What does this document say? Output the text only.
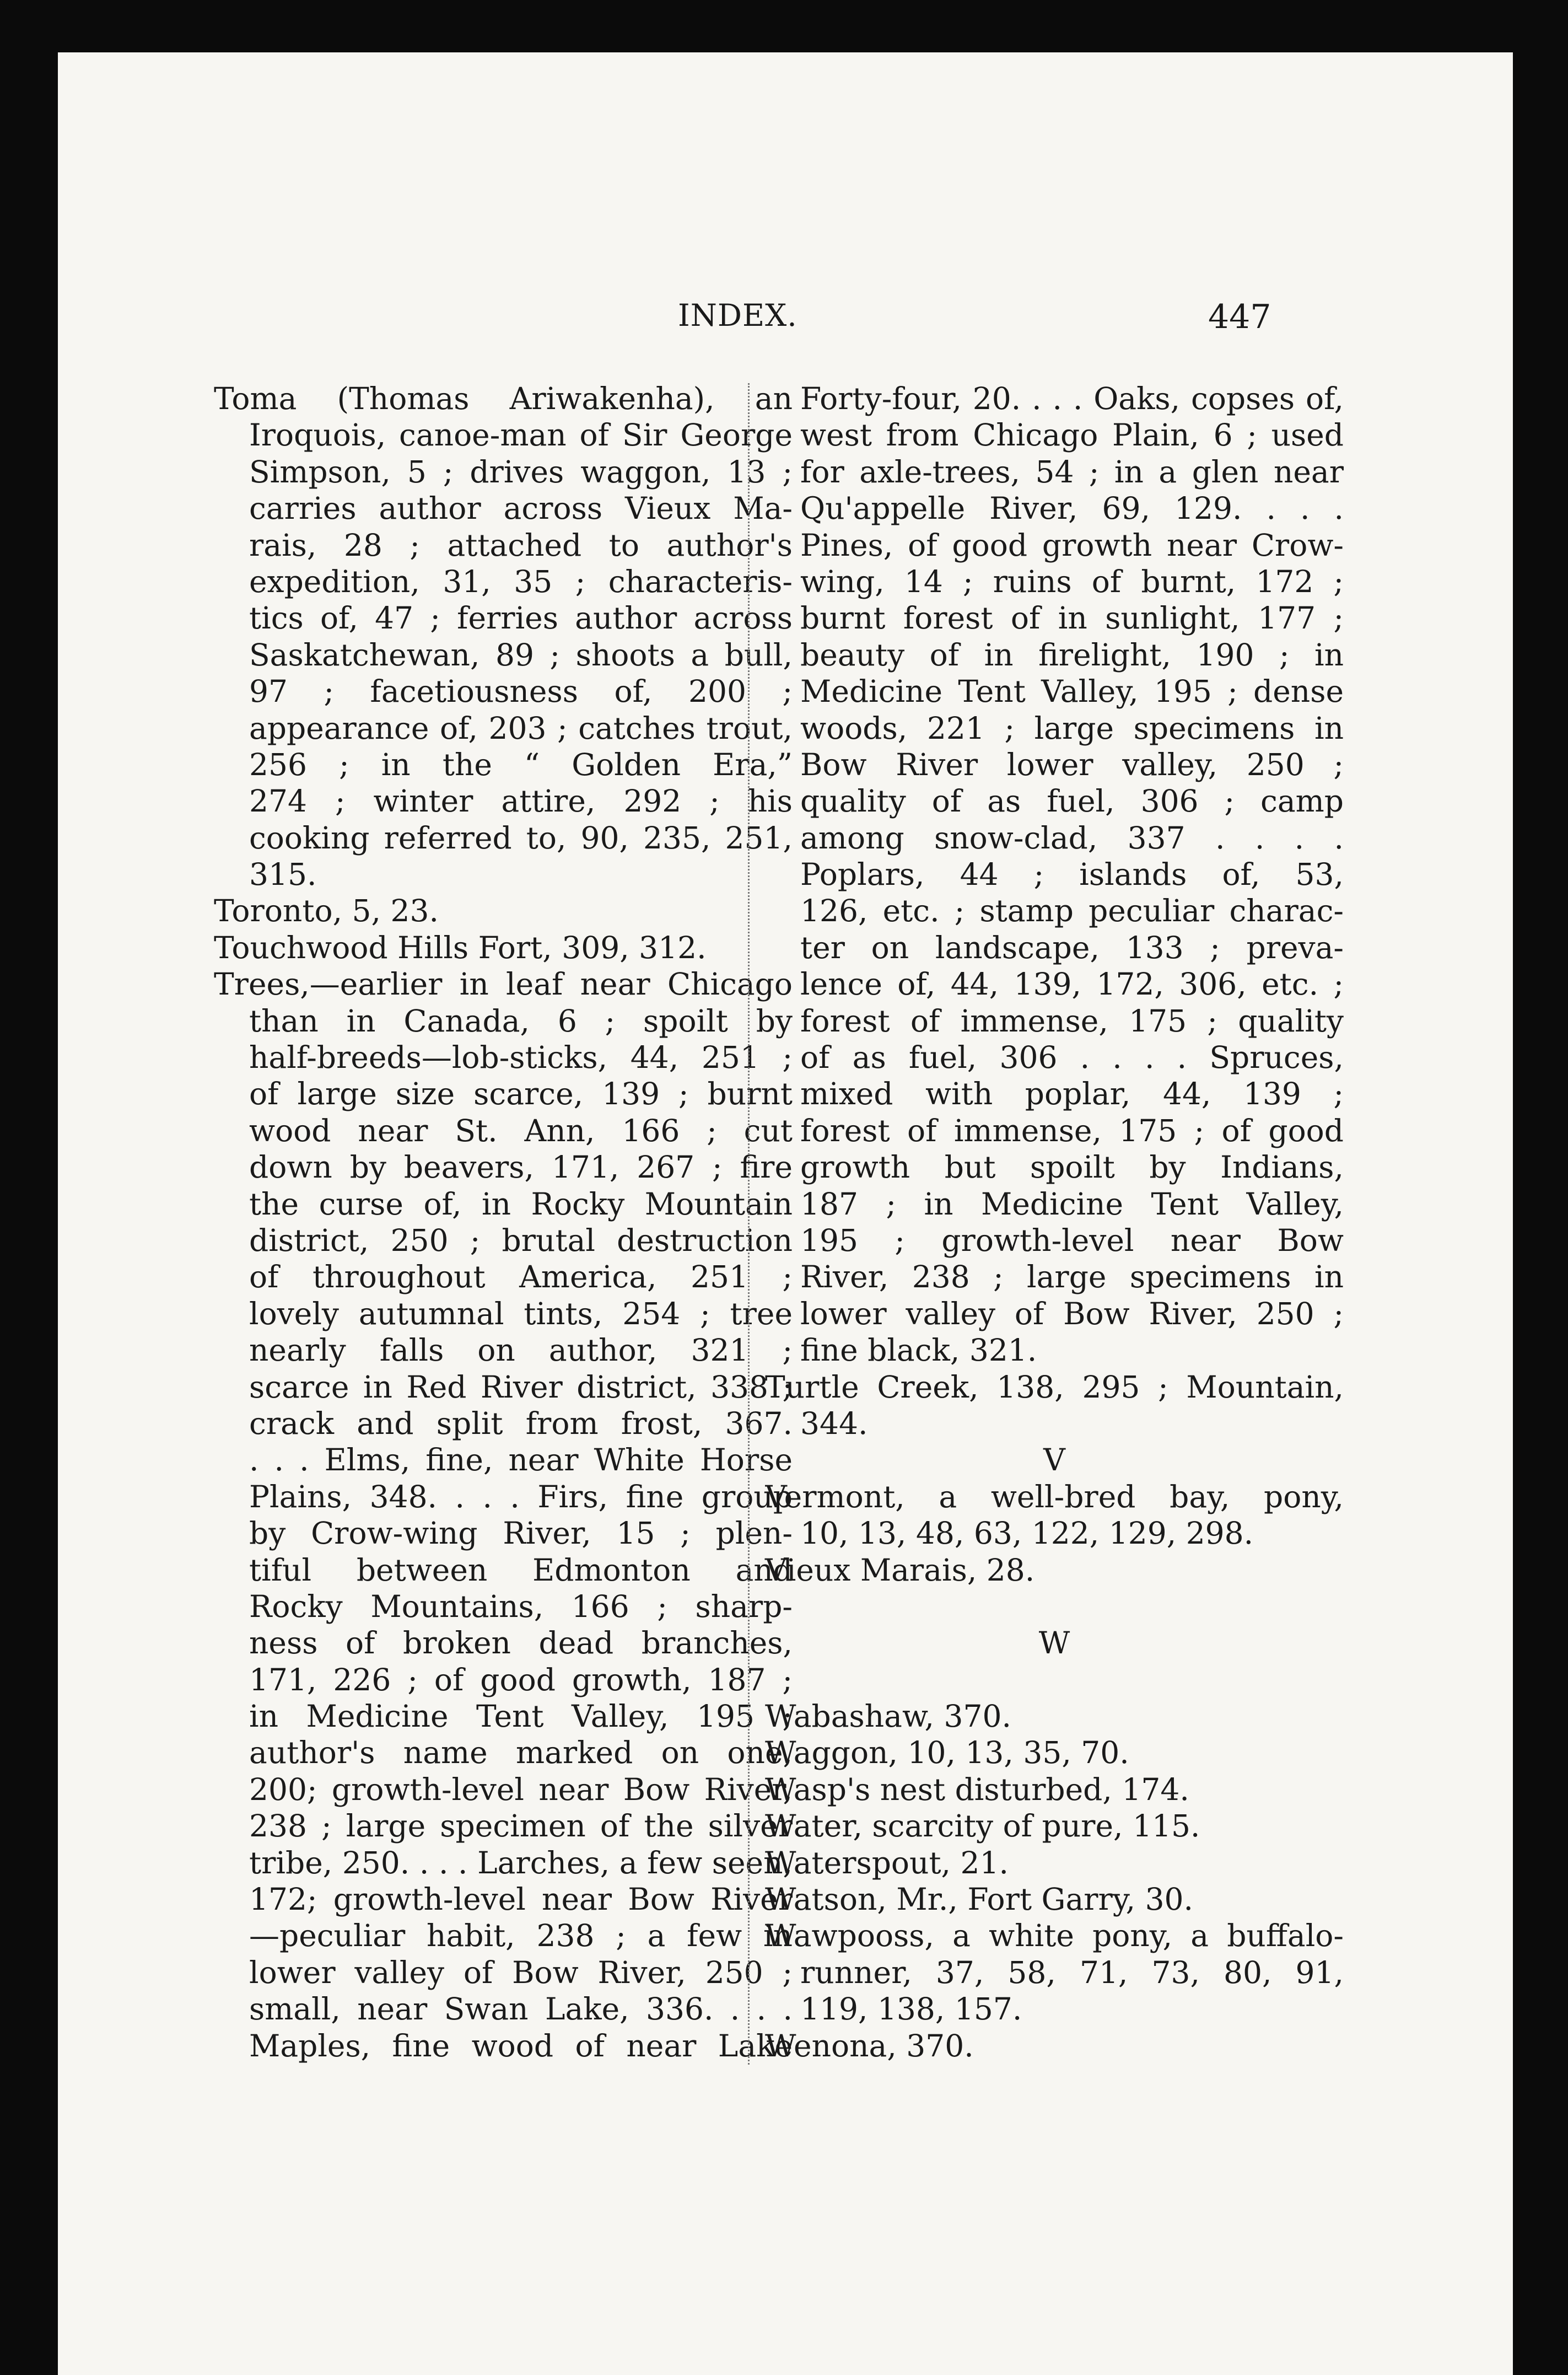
INDEX.	447
Toma (Thomas Ariwakenha), an
Iroquois, canoe-man of Sir George
Simpson, 5 ; drives waggon, 13 ;
carries author across Vieux Ma-
rais, 28 ; attached to author's
expedition, 31, 35 ; characteris-
tics of, 47 ; ferries author across
Saskatchewan, 89 ; shoots a bull,
97 ; facetiousness of, 200 ;
appearance of, 203 ; catches trout,
256 ; in the “ Golden Era,”
274 ; winter attire, 292 ; his
cooking referred to, 90, 235, 251,
315.
Toronto, 5, 23.
Touchwood Hills Fort, 309, 312.
Trees,—earlier in leaf near Chicago
than in Canada, 6 ; spoilt by
half-breeds—lob-sticks, 44, 251 ;
of large size scarce, 139 ; burnt
wood near St. Ann, 166 ; cut
down by beavers, 171, 267 ; fire
the curse of, in Rocky Mountain
district, 250 ; brutal destruction
of throughout America, 251 ;
lovely autumnal tints, 254 ; tree
nearly falls on author, 321 ;
scarce in Red River district, 338 ;
crack and split from frost, 367.
. . . Elms, fine, near White Horse
Plains, 348. . . . Firs, fine group
by Crow-wing River, 15 ; plen-
tiful between Edmonton and
Rocky Mountains, 166 ; sharp-
ness of broken dead branches,
171, 226 ; of good growth, 187 ;
in Medicine Tent Valley, 195 ;
author's name marked on one,
200; growth-level near Bow River,
238 ; large specimen of the silver
tribe, 250. . . . Larches, a few seen,
172; growth-level near Bow River
—peculiar habit, 238 ; a few in
lower valley of Bow River, 250 ;
small, near Swan Lake, 336. . . .
Maples, fine wood of near Lake
Forty-four, 20. . . . Oaks, copses of,
west from Chicago Plain, 6 ; used
for axle-trees, 54 ; in a glen near
Qu'appelle River, 69, 129. . . .
Pines, of good growth near Crow-
wing, 14 ; ruins of burnt, 172 ;
burnt forest of in sunlight, 177 ;
beauty of in firelight, 190 ; in
Medicine Tent Valley, 195 ; dense
woods, 221 ; large specimens in
Bow River lower valley, 250 ;
quality of as fuel, 306 ; camp
among snow-clad, 337 . . . .
Poplars, 44 ; islands of, 53,
126, etc. ; stamp peculiar charac-
ter on landscape, 133 ; preva-
lence of, 44, 139, 172, 306, etc. ;
forest of immense, 175 ; quality
of as fuel, 306 . . . . Spruces,
mixed with poplar, 44, 139 ;
forest of immense, 175 ; of good
growth but spoilt by Indians,
187 ; in Medicine Tent Valley,
195 ; growth-level near Bow
River, 238 ; large specimens in
lower valley of Bow River, 250 ;
fine black, 321.
Turtle Creek, 138, 295 ; Mountain,
344.
V
Vermont, a well-bred bay, pony,
10, 13, 48, 63, 122, 129, 298.
Vieux Marais, 28.
W
Wabashaw, 370.
Waggon, 10, 13, 35, 70.
Wasp's nest disturbed, 174.
Water, scarcity of pure, 115.
Waterspout, 21.
Watson, Mr., Fort Garry, 30.
Wawpooss, a white pony, a buffalo-
runner, 37, 58, 71, 73, 80, 91,
119, 138, 157.
Wenona, 370.
